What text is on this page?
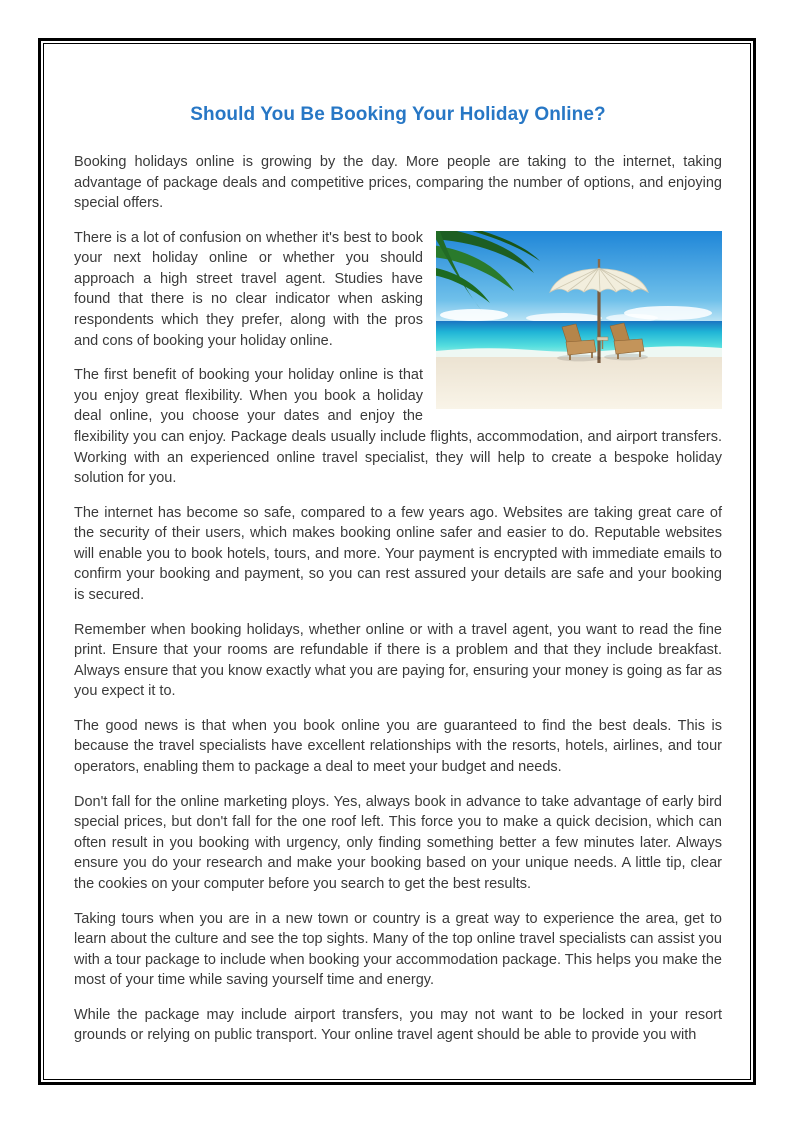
Should You Be Booking Your Holiday Online?

Booking holidays online is growing by the day. More people are taking to the internet, taking advantage of package deals and competitive prices, comparing the number of options, and enjoying special offers.

There is a lot of confusion on whether it's best to book your next holiday online or whether you should approach a high street travel agent. Studies have found that there is no clear indicator when asking respondents which they prefer, along with the pros and cons of booking your holiday online.

The first benefit of booking your holiday online is that you enjoy great flexibility. When you book a holiday deal online, you choose your dates and enjoy the flexibility you can enjoy. Package deals usually include flights, accommodation, and airport transfers. Working with an experienced online travel specialist, they will help to create a bespoke holiday solution for you.

The internet has become so safe, compared to a few years ago. Websites are taking great care of the security of their users, which makes booking online safer and easier to do. Reputable websites will enable you to book hotels, tours, and more. Your payment is encrypted with immediate emails to confirm your booking and payment, so you can rest assured your details are safe and your booking is secured.

Remember when booking holidays, whether online or with a travel agent, you want to read the fine print. Ensure that your rooms are refundable if there is a problem and that they include breakfast. Always ensure that you know exactly what you are paying for, ensuring your money is going as far as you expect it to.

The good news is that when you book online you are guaranteed to find the best deals. This is because the travel specialists have excellent relationships with the resorts, hotels, airlines, and tour operators, enabling them to package a deal to meet your budget and needs.

Don't fall for the online marketing ploys. Yes, always book in advance to take advantage of early bird special prices, but don't fall for the one roof left. This force you to make a quick decision, which can often result in you booking with urgency, only finding something better a few minutes later. Always ensure you do your research and make your booking based on your unique needs. A little tip, clear the cookies on your computer before you search to get the best results.

Taking tours when you are in a new town or country is a great way to experience the area, get to learn about the culture and see the top sights. Many of the top online travel specialists can assist you with a tour package to include when booking your accommodation package. This helps you make the most of your time while saving yourself time and energy.

While the package may include airport transfers, you may not want to be locked in your resort grounds or relying on public transport. Your online travel agent should be able to provide you with
